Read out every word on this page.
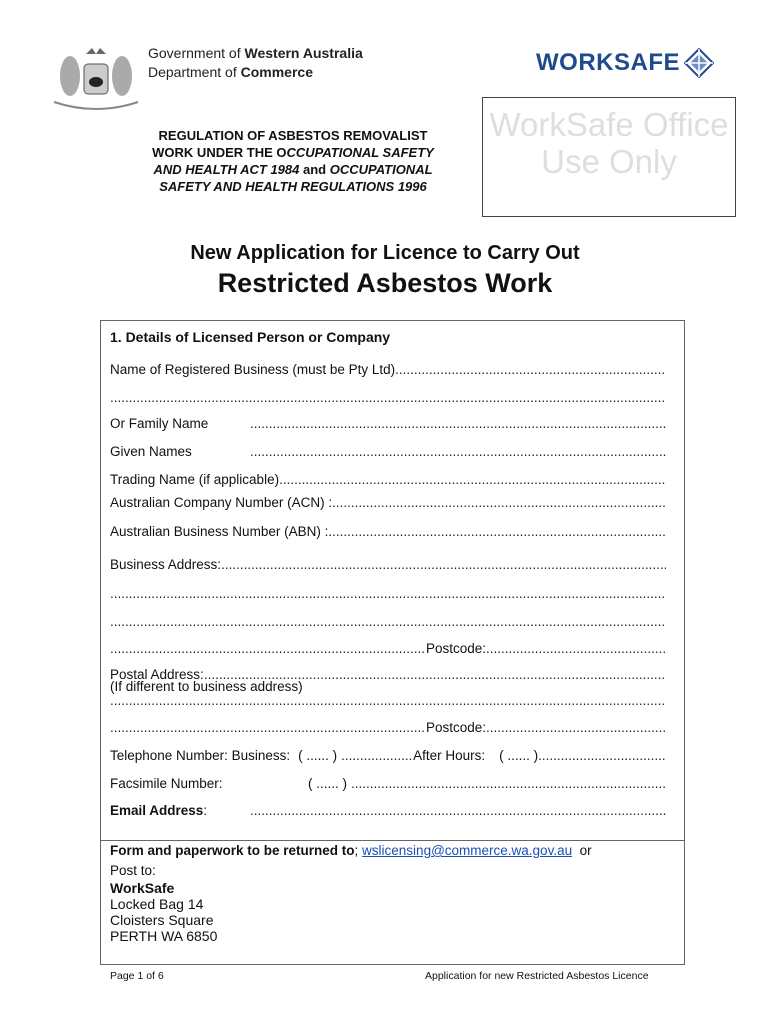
Government of Western Australia
Department of Commerce	WORKSAFE
WorkSafe Office Use Only
REGULATION OF ASBESTOS REMOVALIST
WORK UNDER THE OCCUPATIONAL SAFETY
AND HEALTH ACT 1984 and OCCUPATIONAL
SAFETY AND HEALTH REGULATIONS 1996
New Application for Licence to Carry Out
Restricted Asbestos Work
1. Details of Licensed Person or Company
Name of Registered Business (must be Pty Ltd)
.....
.....
Or Family Name
.....
Given Names
.....
Trading Name (if applicable)
.....
Australian Company Number (ACN) :
.....
Australian Business Number (ABN) :
.....
Business Address:
.....
.....
.....
.....
Postcode:
.....
Postal Address:
.....
(If different to business address)
.....
.....
.....
Postcode:
.....
Telephone Number: Business: ( ...... )
.....	After Hours: ( ...... )
.....
Facsimile Number:	( ...... )
.....
Email Address:
.....
Form and paperwork to be returned to; wslicensing@commerce.wa.gov.au or
Post to:
WorkSafe
Locked Bag 14
Cloisters Square
PERTH WA 6850
Page 1 of 6	Application for new Restricted Asbestos Licence
